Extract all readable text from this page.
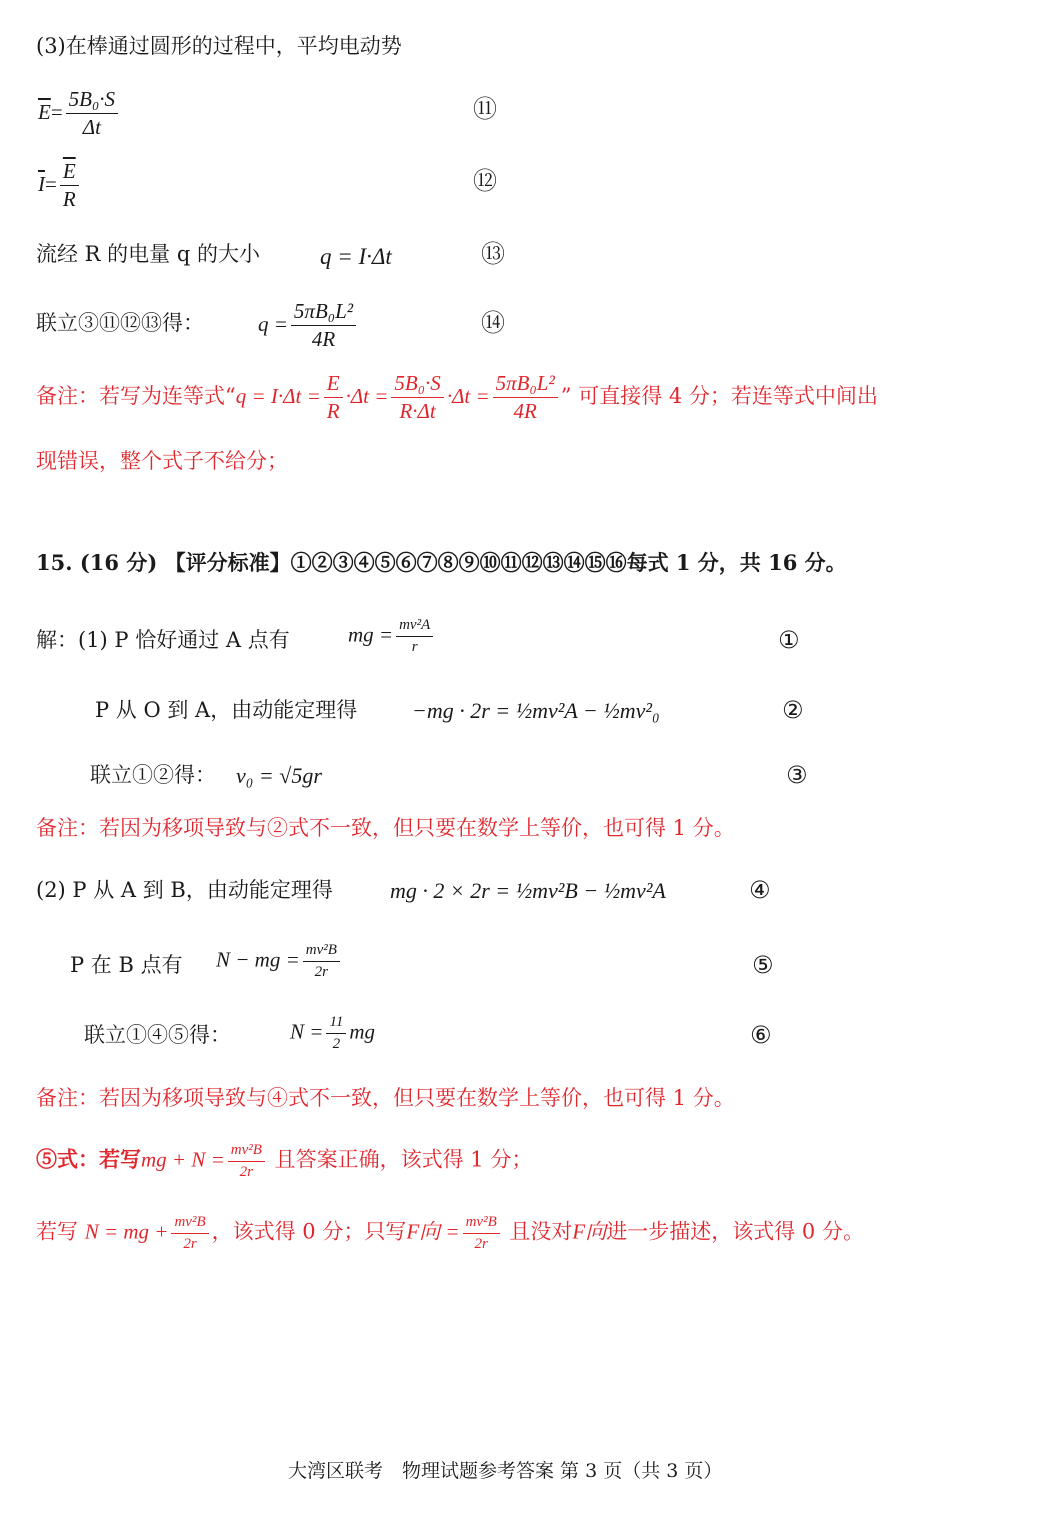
(3)在棒通过圆形的过程中，平均电动势
$\overline{E}= \frac{\text{5B₀·S}}{\Delta t}$	⑪
$\overline{I}= \frac{\overline{E}}{R}$	⑫
流经 R 的电量 q 的大小	q = I·Δt	⑬
联立③⑪⑫⑬得：	$q = \frac{\text{5πB₀L²}}{4R}$	⑭
备注：若写为连等式“$q = I\cdot\Delta t = \frac{E}{R} \cdot\Delta t = \frac{\text{5B₀·S}}{R\cdot\Delta t} \cdot\Delta t = \frac{\text{5πB₀L²}}{4R}$ ” 可直接得 4 分；若连等式中间出
现错误，整个式子不给分；
15. (16 分) 【评分标准】①②③④⑤⑥⑦⑧⑨⑩⑪⑫⑬⑭⑮⑯每式 1 分，共 16 分。
解：(1) P 恰好通过 A 点有	mg = $\frac{\text{mv²A}}{r}$	①
P 从 O 到 A，由动能定理得 −mg · 2r = ½mv²A − ½mv²₀	②
联立①②得： v₀ = √5gr	③
备注：若因为移项导致与②式不一致，但只要在数学上等价，也可得 1 分。
(2) P 从 A 到 B，由动能定理得	mg · 2 × 2r = ½mv²B − ½mv²A	④
P 在 B 点有 N − mg = $\frac{\text{mv²B}}{2r}$	⑤
联立①④⑤得：	$N = \frac{11}{2}$ mg	⑥
备注：若因为移项导致与④式不一致，但只要在数学上等价，也可得 1 分。
⑤式：若写mg + $N = \frac{\text{mv²B}}{2r}$ 且答案正确，该式得 1 分；
若写 N = mg + $\frac{\text{mv²B}}{2r}$ ，该式得 0 分；只写F向 = $\frac{\text{mv²B}}{2r}$ 且没对F向进一步描述，该式得 0 分。
大湾区联考　物理试题参考答案 第 3 页（共 3 页）
